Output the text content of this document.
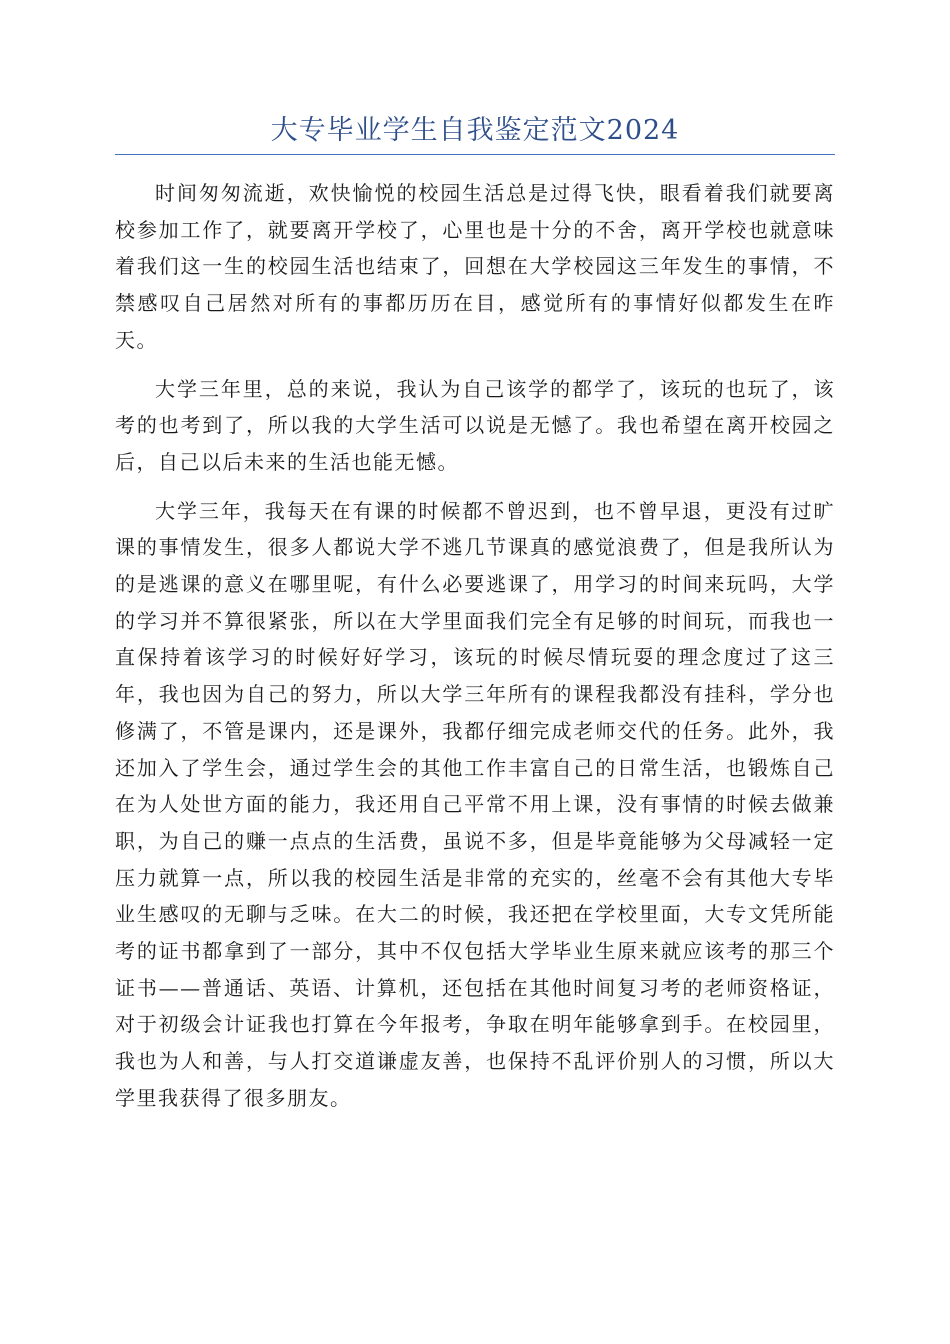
大专毕业学生自我鉴定范文2024

时间匆匆流逝，欢快愉悦的校园生活总是过得飞快，眼看着我们就要离校参加工作了，就要离开学校了，心里也是十分的不舍，离开学校也就意味着我们这一生的校园生活也结束了，回想在大学校园这三年发生的事情，不禁感叹自己居然对所有的事都历历在目，感觉所有的事情好似都发生在昨天。

大学三年里，总的来说，我认为自己该学的都学了，该玩的也玩了，该考的也考到了，所以我的大学生活可以说是无憾了。我也希望在离开校园之后，自己以后未来的生活也能无憾。

大学三年，我每天在有课的时候都不曾迟到，也不曾早退，更没有过旷课的事情发生，很多人都说大学不逃几节课真的感觉浪费了，但是我所认为的是逃课的意义在哪里呢，有什么必要逃课了，用学习的时间来玩吗，大学的学习并不算很紧张，所以在大学里面我们完全有足够的时间玩，而我也一直保持着该学习的时候好好学习，该玩的时候尽情玩耍的理念度过了这三年，我也因为自己的努力，所以大学三年所有的课程我都没有挂科，学分也修满了，不管是课内，还是课外，我都仔细完成老师交代的任务。此外，我还加入了学生会，通过学生会的其他工作丰富自己的日常生活，也锻炼自己在为人处世方面的能力，我还用自己平常不用上课，没有事情的时候去做兼职，为自己的赚一点点的生活费，虽说不多，但是毕竟能够为父母减轻一定压力就算一点，所以我的校园生活是非常的充实的，丝毫不会有其他大专毕业生感叹的无聊与乏味。在大二的时候，我还把在学校里面，大专文凭所能考的证书都拿到了一部分，其中不仅包括大学毕业生原来就应该考的那三个证书——普通话、英语、计算机，还包括在其他时间复习考的老师资格证，对于初级会计证我也打算在今年报考，争取在明年能够拿到手。在校园里，我也为人和善，与人打交道谦虚友善，也保持不乱评价别人的习惯，所以大学里我获得了很多朋友。
